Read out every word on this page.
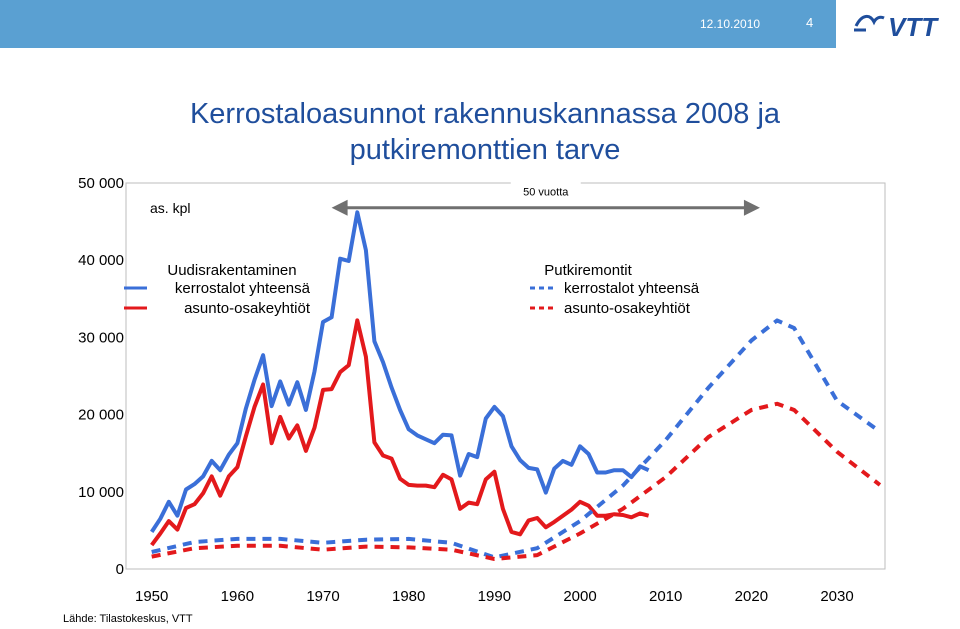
12.10.2010	4	VTT
Kerrostaloasunnot rakennuskannassa 2008 ja putkiremonttien tarve
0
10 000
20 000
30 000
40 000
50 000
1950	1960	1970	1980	1990	2000	2010	2020	2030
as. kpl
50 vuotta
Uudisrakentaminen
kerrostalot yhteensä
asunto-osakeyhtiöt
Putkiremontit
kerrostalot yhteensä
asunto-osakeyhtiöt
Lähde: Tilastokeskus, VTT
